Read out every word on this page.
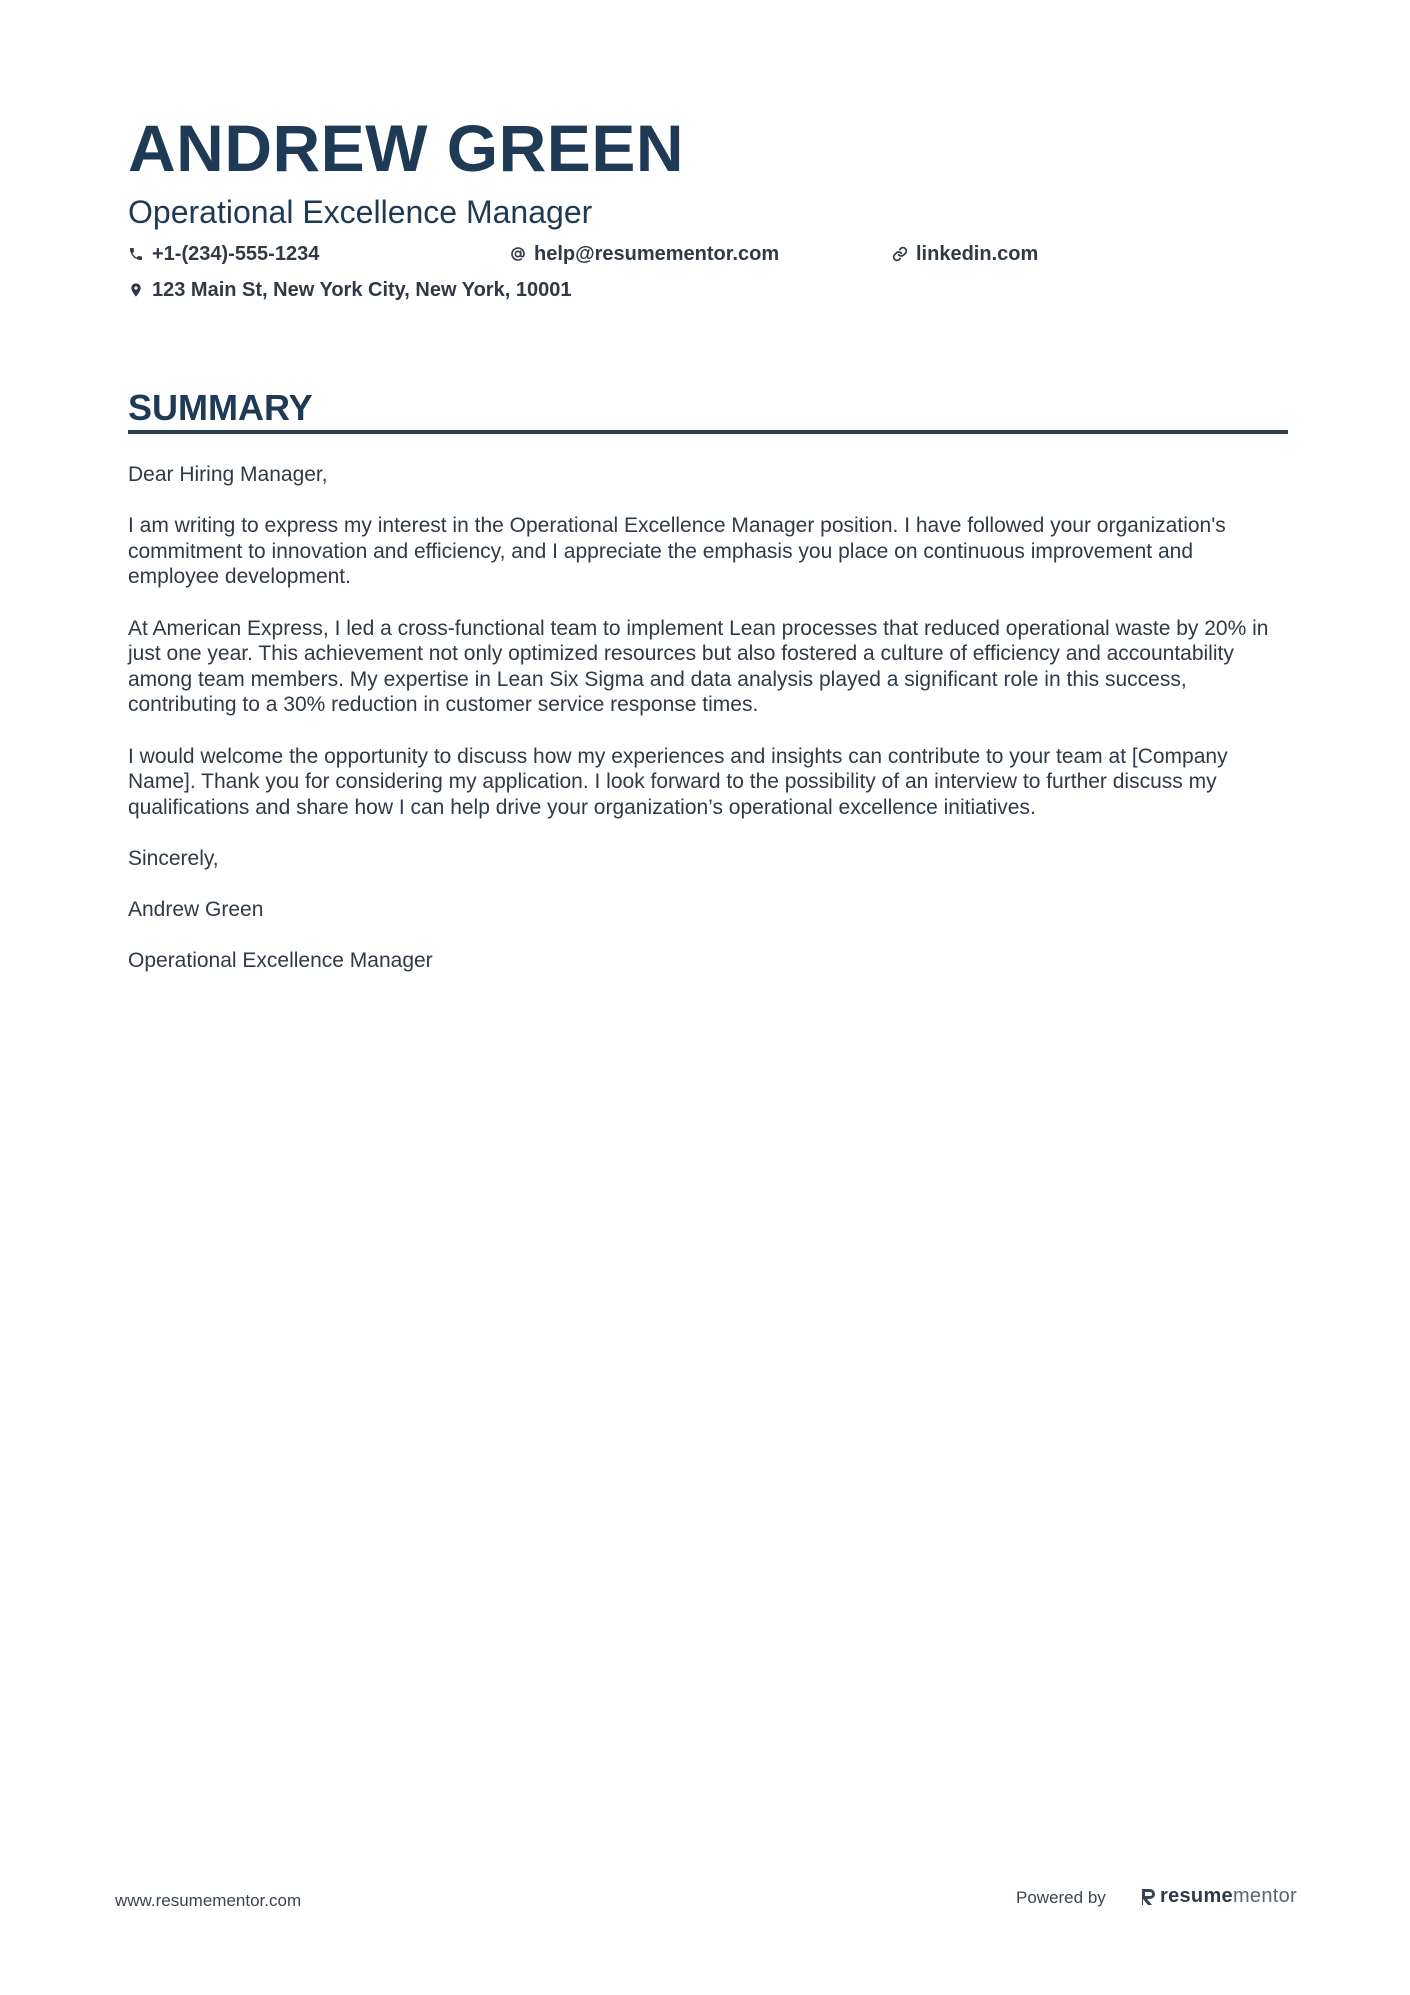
ANDREW GREEN
Operational Excellence Manager
+1-(234)-555-1234	help@resumementor.com	linkedin.com
123 Main St, New York City, New York, 10001
SUMMARY

Dear Hiring Manager,

I am writing to express my interest in the Operational Excellence Manager position. I have followed your organization's commitment to innovation and efficiency, and I appreciate the emphasis you place on continuous improvement and employee development.

At American Express, I led a cross-functional team to implement Lean processes that reduced operational waste by 20% in just one year. This achievement not only optimized resources but also fostered a culture of efficiency and accountability among team members. My expertise in Lean Six Sigma and data analysis played a significant role in this success, contributing to a 30% reduction in customer service response times.

I would welcome the opportunity to discuss how my experiences and insights can contribute to your team at [Company Name]. Thank you for considering my application. I look forward to the possibility of an interview to further discuss my qualifications and share how I can help drive your organization’s operational excellence initiatives.

Sincerely,

Andrew Green

Operational Excellence Manager

www.resumementor.com	Powered by	resume mentor
